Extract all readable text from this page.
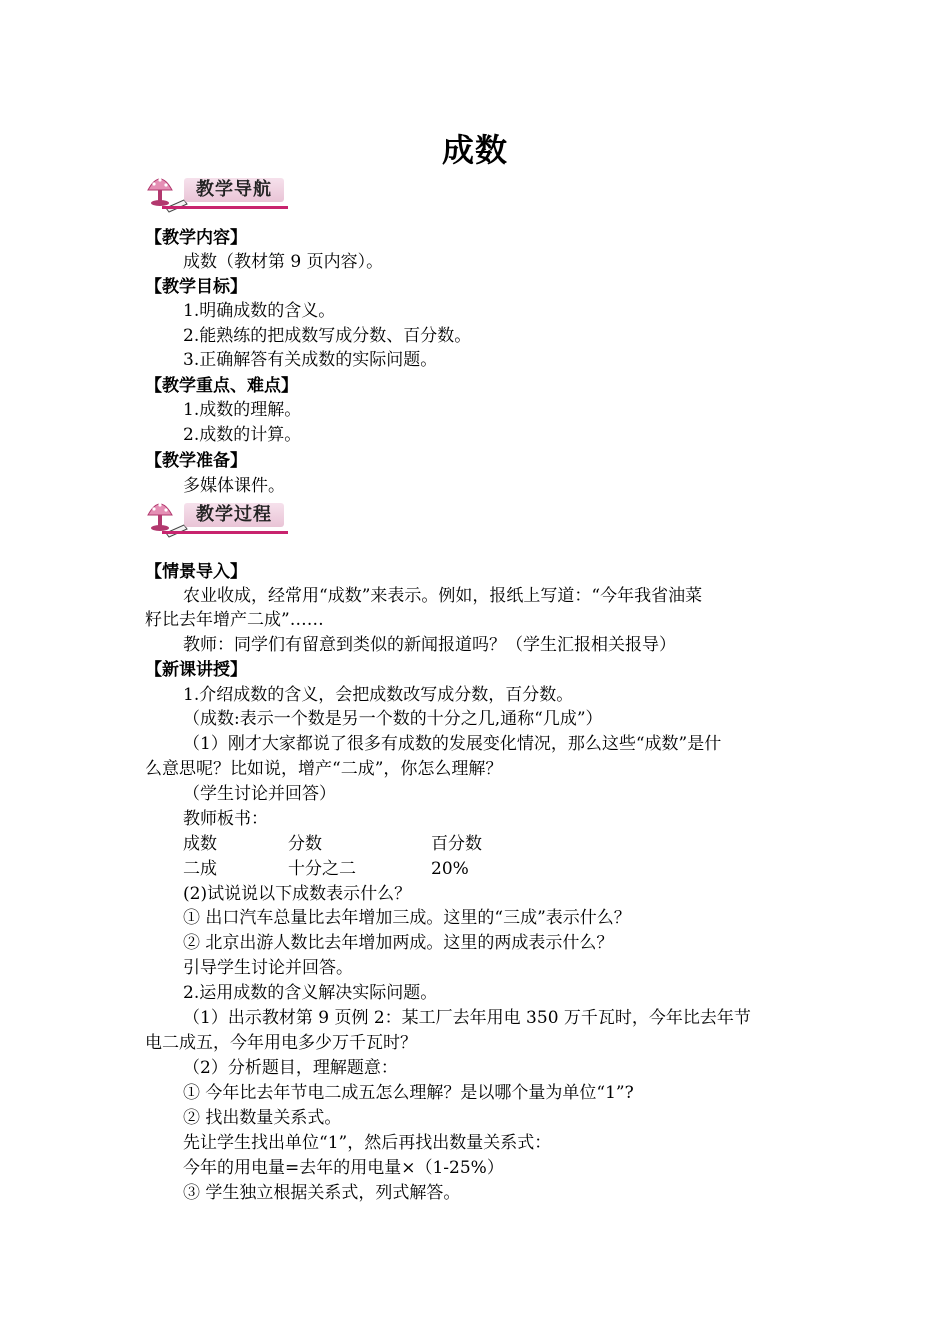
成数
教学导航
【教学内容】
成数（教材第 9 页内容）。
【教学目标】
1.明确成数的含义。
2.能熟练的把成数写成分数、百分数。
3.正确解答有关成数的实际问题。
【教学重点、难点】
1.成数的理解。
2.成数的计算。
【教学准备】
多媒体课件。
教学过程
【情景导入】
农业收成，经常用“成数”来表示。例如，报纸上写道：“今年我省油菜
籽比去年增产二成”……
教师：同学们有留意到类似的新闻报道吗？（学生汇报相关报导）
【新课讲授】
1.介绍成数的含义，会把成数改写成分数，百分数。
（成数:表示一个数是另一个数的十分之几,通称“几成”）
（1）刚才大家都说了很多有成数的发展变化情况，那么这些“成数”是什
么意思呢？比如说，增产“二成”，你怎么理解？
（学生讨论并回答）
教师板书：
成数	分数	百分数
二成	十分之二	20%
(2)试说说以下成数表示什么？
① 出口汽车总量比去年增加三成。这里的“三成”表示什么？
② 北京出游人数比去年增加两成。这里的两成表示什么？
引导学生讨论并回答。
2.运用成数的含义解决实际问题。
（1）出示教材第 9 页例 2：某工厂去年用电 350 万千瓦时，今年比去年节
电二成五，今年用电多少万千瓦时？
（2）分析题目，理解题意：
① 今年比去年节电二成五怎么理解？是以哪个量为单位“1”?
② 找出数量关系式。
先让学生找出单位“1”，然后再找出数量关系式：
今年的用电量=去年的用电量×（1-25%）
③ 学生独立根据关系式，列式解答。
